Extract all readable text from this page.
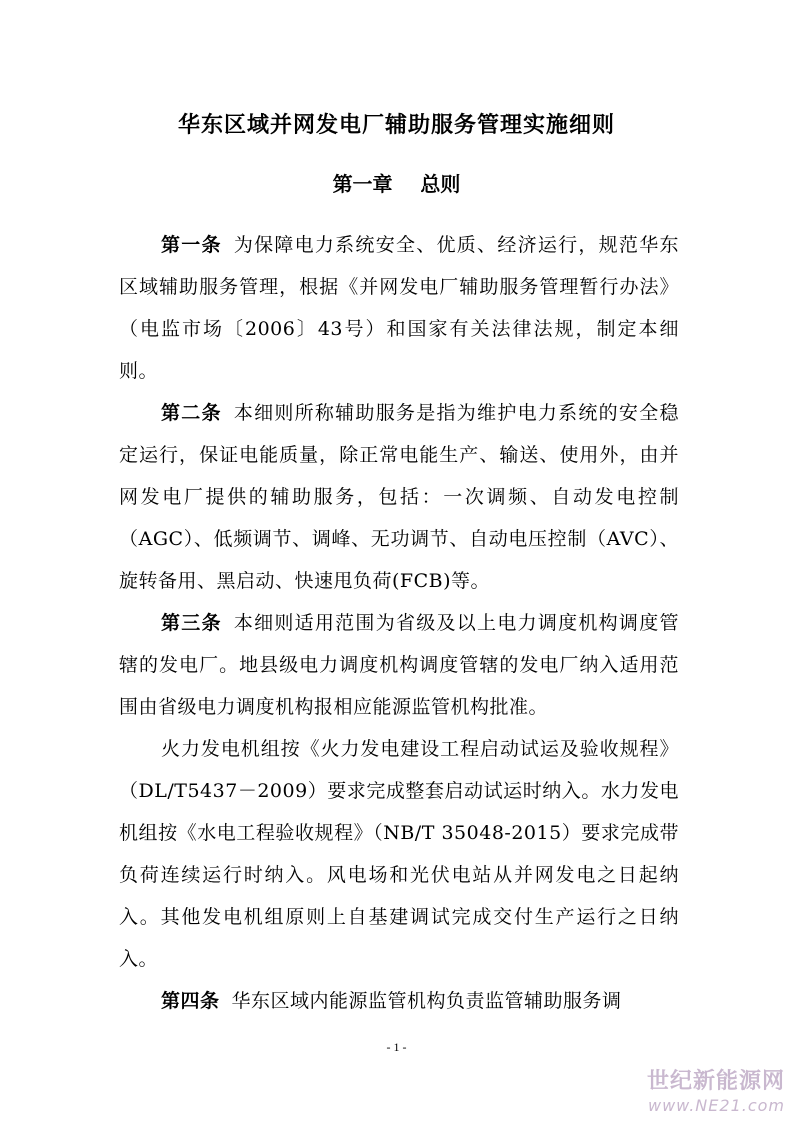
华东区域并网发电厂辅助服务管理实施细则
第一章    总则

第一条 为保障电力系统安全、优质、经济运行，规范华东区域辅助服务管理，根据《并网发电厂辅助服务管理暂行办法》（电监市场〔2006〕43号）和国家有关法律法规，制定本细则。

第二条 本细则所称辅助服务是指为维护电力系统的安全稳定运行，保证电能质量，除正常电能生产、输送、使用外，由并网发电厂提供的辅助服务，包括：一次调频、自动发电控制（AGC）、低频调节、调峰、无功调节、自动电压控制（AVC）、旋转备用、黑启动、快速甩负荷(FCB)等。

第三条 本细则适用范围为省级及以上电力调度机构调度管辖的发电厂。地县级电力调度机构调度管辖的发电厂纳入适用范围由省级电力调度机构报相应能源监管机构批准。

火力发电机组按《火力发电建设工程启动试运及验收规程》（DL/T5437－2009）要求完成整套启动试运时纳入。水力发电机组按《水电工程验收规程》（NB/T 35048-2015）要求完成带负荷连续运行时纳入。风电场和光伏电站从并网发电之日起纳入。其他发电机组原则上自基建调试完成交付生产运行之日纳入。

第四条 华东区域内能源监管机构负责监管辅助服务调

- 1 -
世纪新能源网
www.NE21.com
